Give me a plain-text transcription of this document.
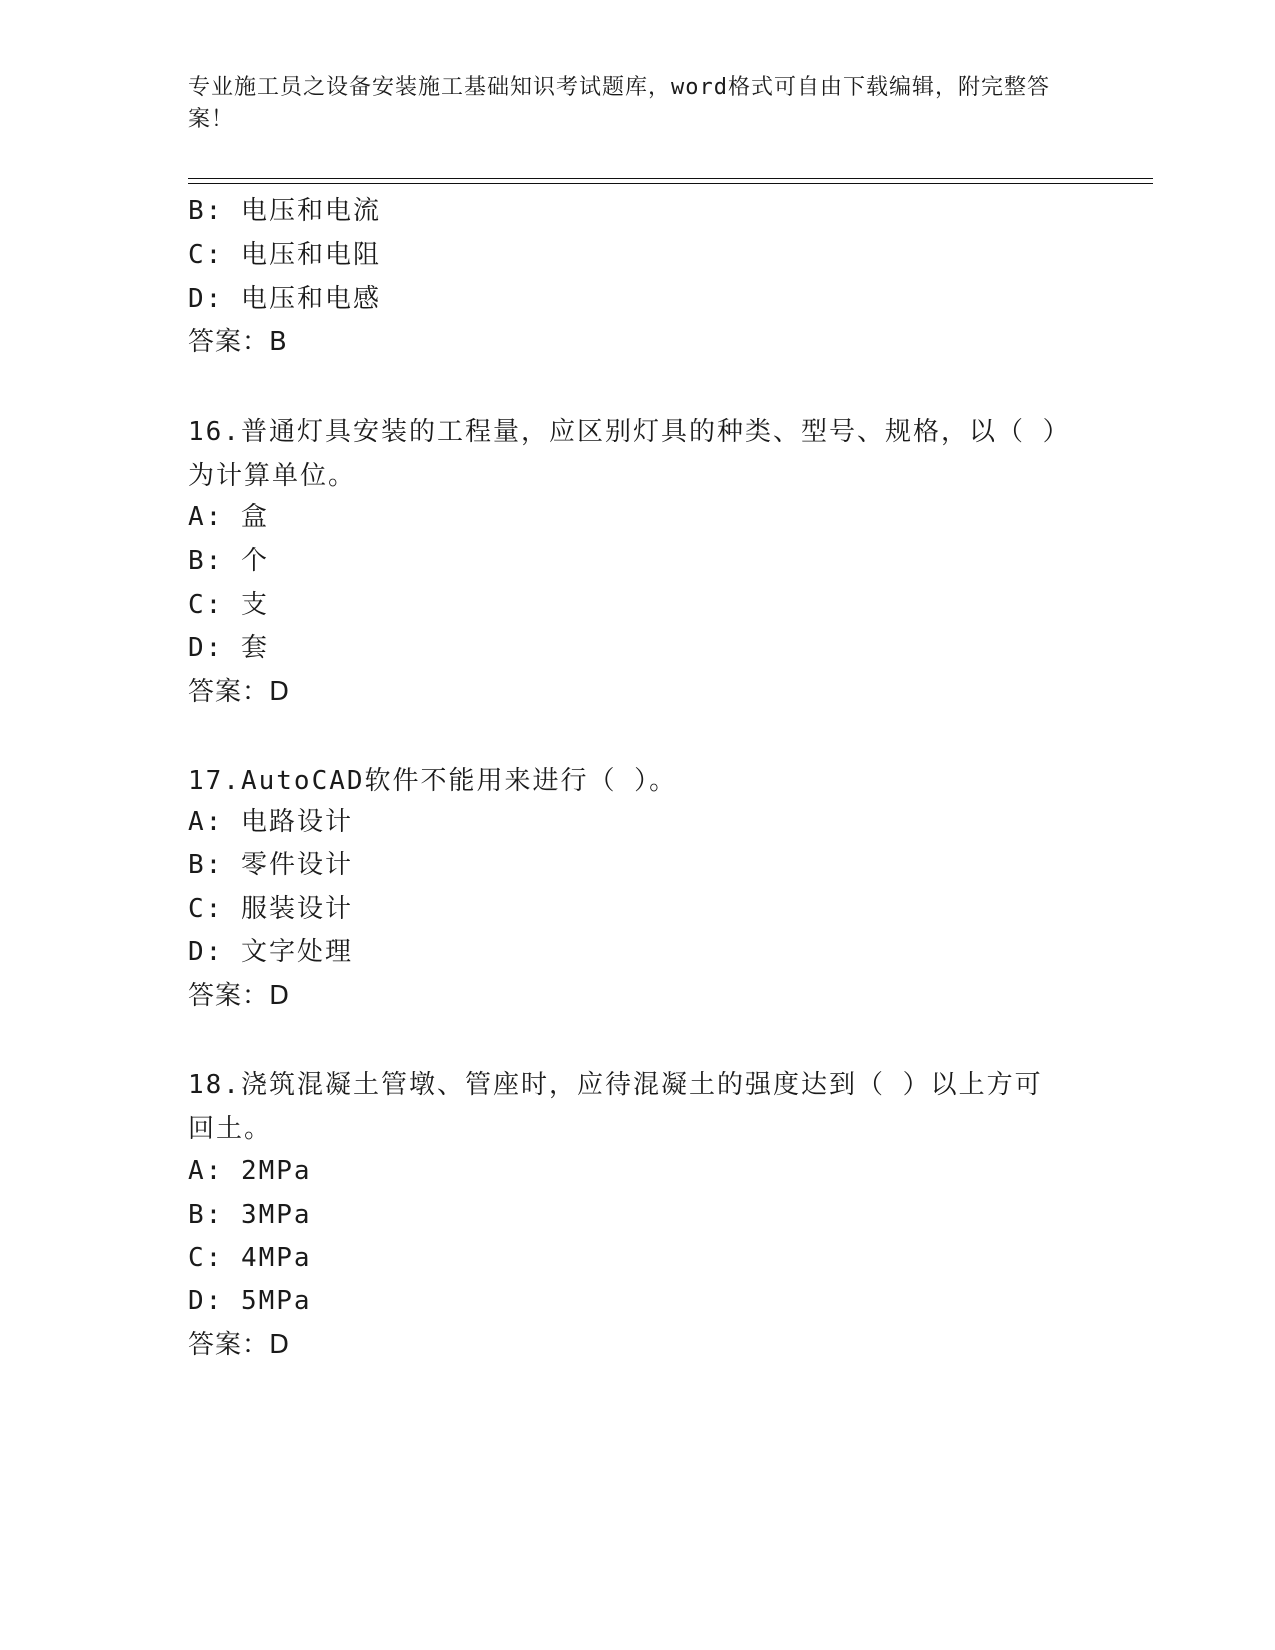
专业施工员之设备安装施工基础知识考试题库，word格式可自由下载编辑，附完整答案！
B: 电压和电流
C: 电压和电阻
D: 电压和电感
答案：B
16.普通灯具安装的工程量，应区别灯具的种类、型号、规格，以（ ）为计算单位。
A: 盒
B: 个
C: 支
D: 套
答案：D
17.AutoCAD软件不能用来进行（ ）。
A: 电路设计
B: 零件设计
C: 服装设计
D: 文字处理
答案：D
18.浇筑混凝土管墩、管座时，应待混凝土的强度达到（ ）以上方可回土。
A: 2MPa
B: 3MPa
C: 4MPa
D: 5MPa
答案：D
